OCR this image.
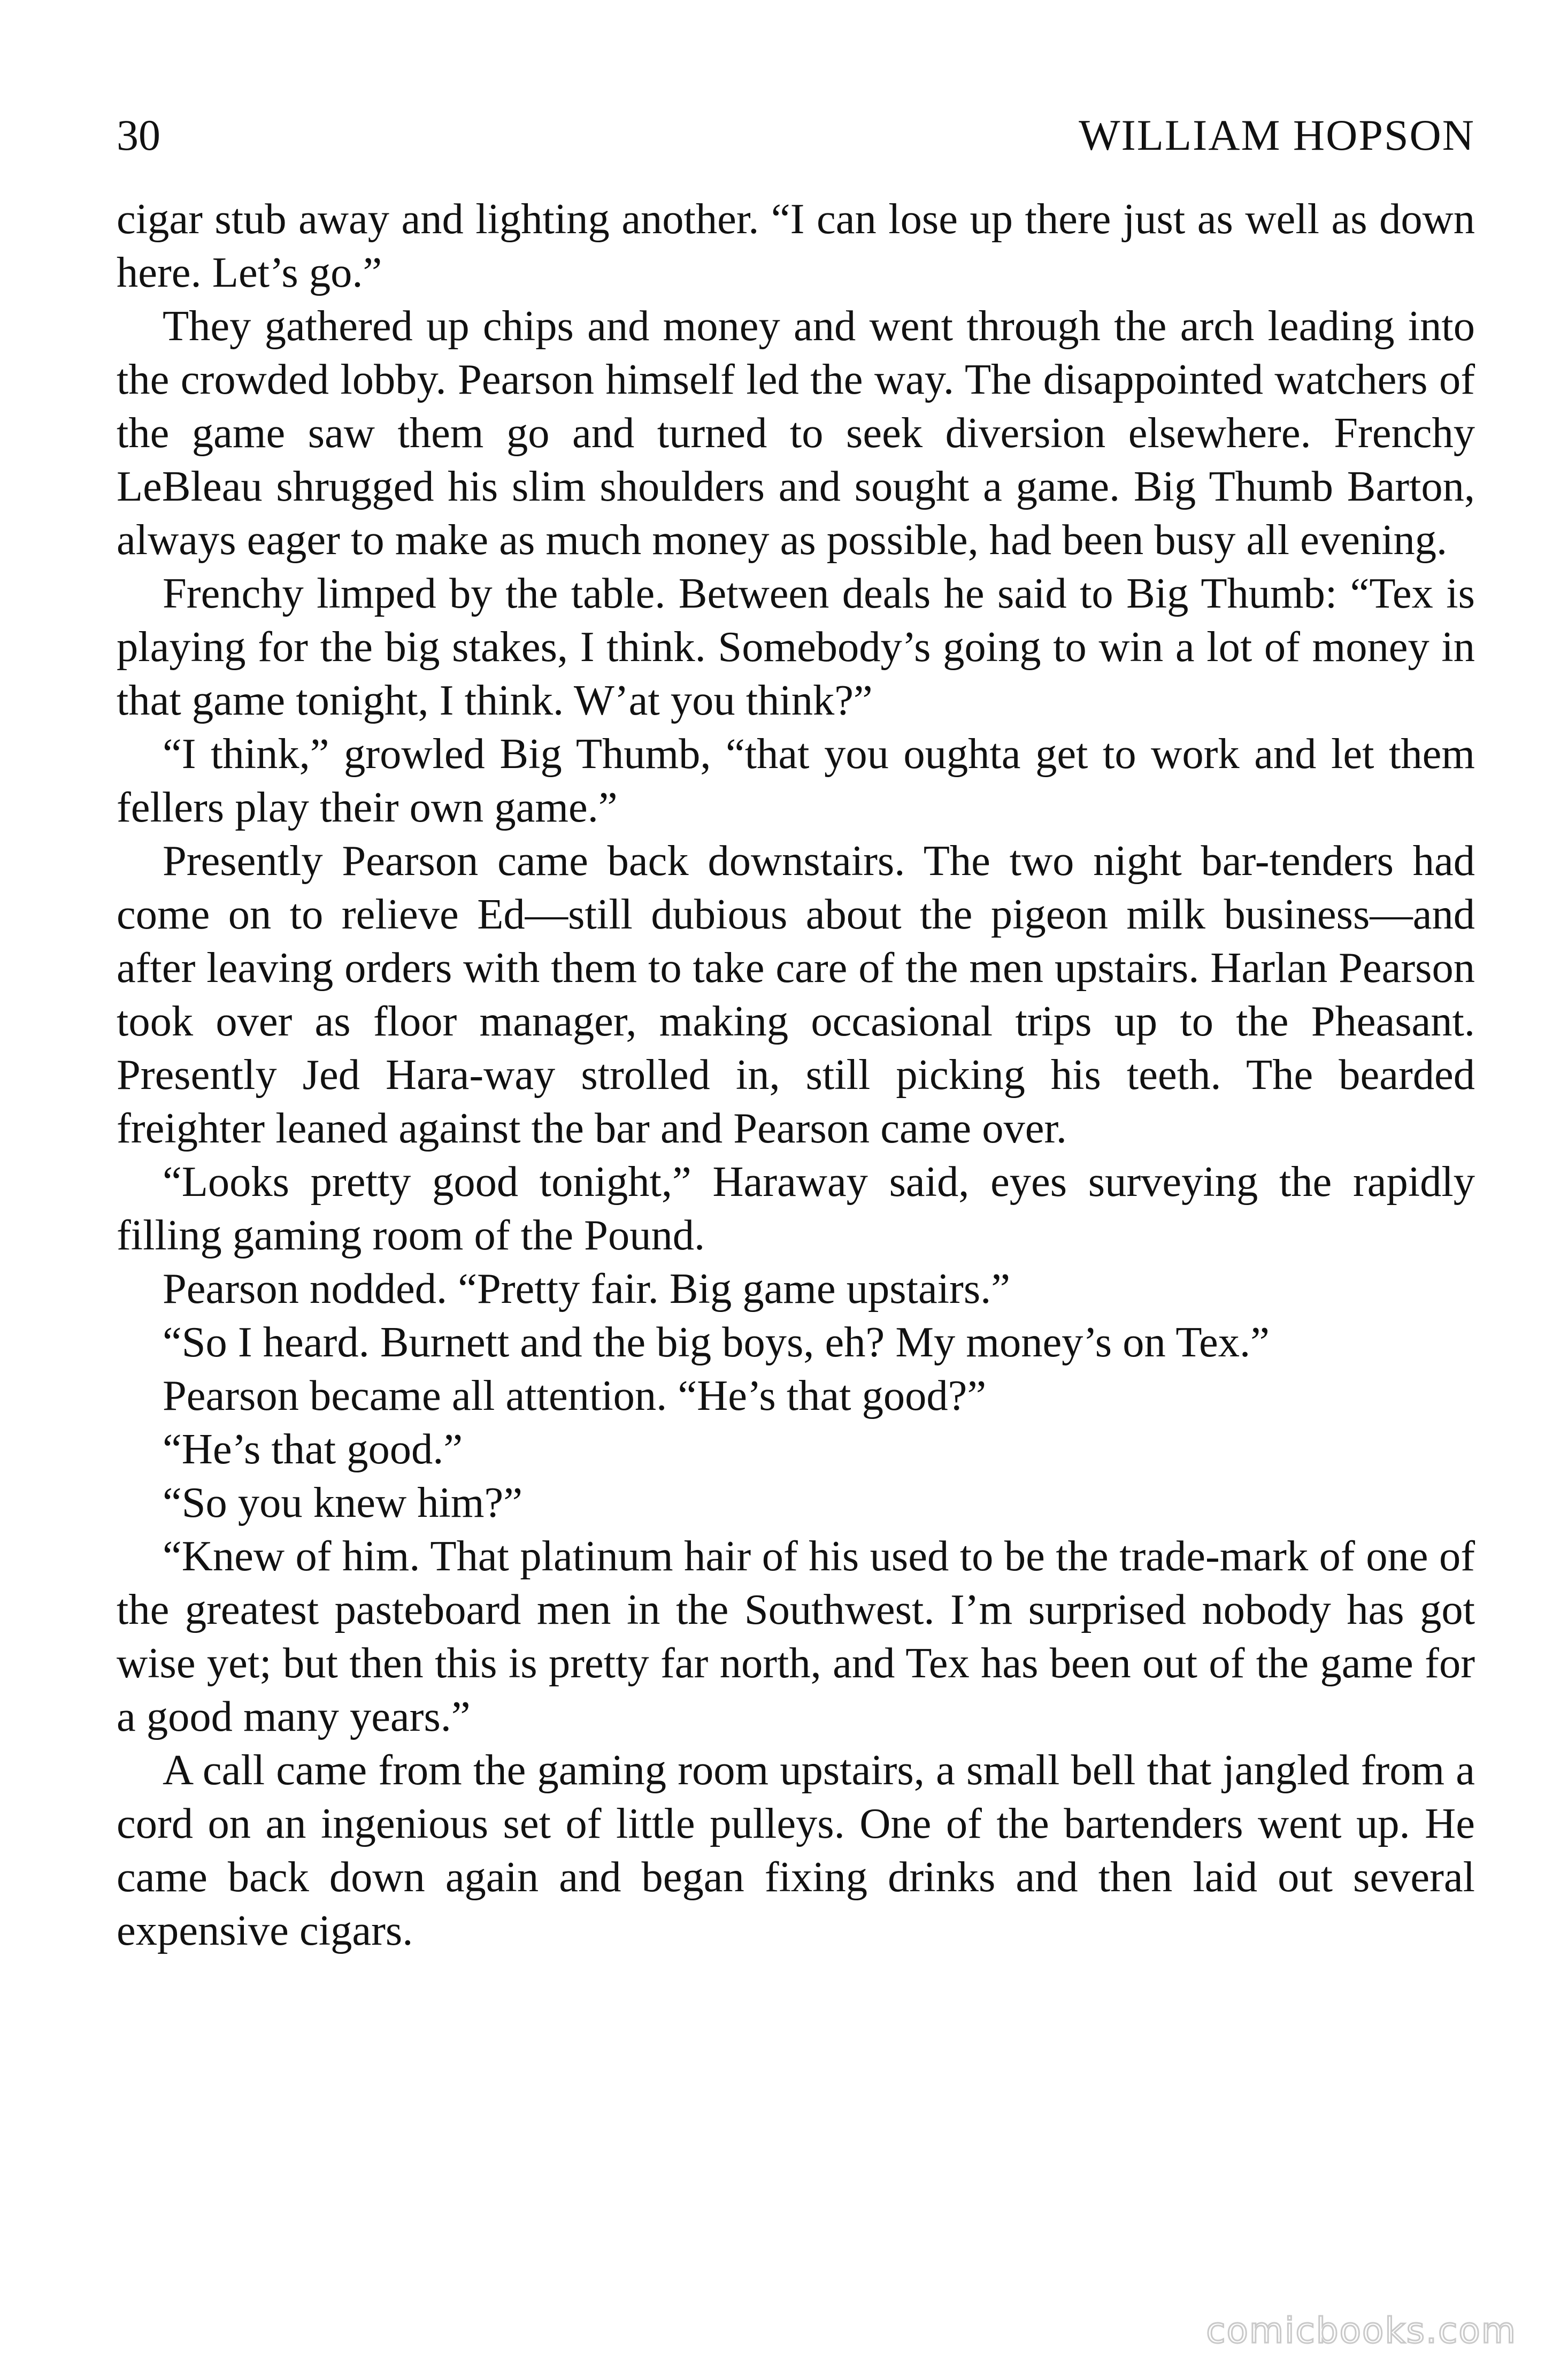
30	WILLIAM HOPSON

cigar stub away and lighting another. “I can lose up there just as well as down here. Let’s go.”

They gathered up chips and money and went through the arch leading into the crowded lobby. Pearson himself led the way. The disappointed watchers of the game saw them go and turned to seek diversion elsewhere. Frenchy LeBleau shrugged his slim shoulders and sought a game. Big Thumb Barton, always eager to make as much money as possible, had been busy all evening.

Frenchy limped by the table. Between deals he said to Big Thumb: “Tex is playing for the big stakes, I think. Somebody’s going to win a lot of money in that game tonight, I think. W’at you think?”

“I think,” growled Big Thumb, “that you oughta get to work and let them fellers play their own game.”

Presently Pearson came back downstairs. The two night bar-tenders had come on to relieve Ed—still dubious about the pigeon milk business—and after leaving orders with them to take care of the men upstairs. Harlan Pearson took over as floor manager, making occasional trips up to the Pheasant. Presently Jed Hara-way strolled in, still picking his teeth. The bearded freighter leaned against the bar and Pearson came over.

“Looks pretty good tonight,” Haraway said, eyes surveying the rapidly filling gaming room of the Pound.

Pearson nodded. “Pretty fair. Big game upstairs.”

“So I heard. Burnett and the big boys, eh? My money’s on Tex.”

Pearson became all attention. “He’s that good?”

“He’s that good.”

“So you knew him?”

“Knew of him. That platinum hair of his used to be the trade-mark of one of the greatest pasteboard men in the Southwest. I’m surprised nobody has got wise yet; but then this is pretty far north, and Tex has been out of the game for a good many years.”

A call came from the gaming room upstairs, a small bell that jangled from a cord on an ingenious set of little pulleys. One of the bartenders went up. He came back down again and began fixing drinks and then laid out several expensive cigars.

comicbooks.com
